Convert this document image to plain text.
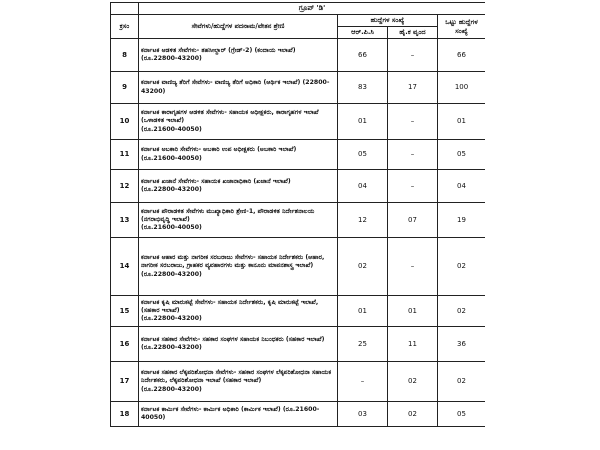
	ಗ್ರೂಪ್ 'ಡಿ'			
ಕ್ರಸಂ	ಸೇವೆಗಳು/ಹುದ್ದೆಗಳ ಪದನಾಮ/ವೇತನ ಶ್ರೇಣಿ	ಹುದ್ದೆಗಳ ಸಂಖ್ಯೆ		ಒಟ್ಟು ಹುದ್ದೆಗಳ ಸಂಖ್ಯೆ
		ಆರ್.ಪಿ.ಸಿ	ಹೈ.ಕ ವೃಂದ	
8	ಕರ್ನಾಟಕ ಆಡಳಿತ ಸೇವೆಗಳು- ತಹಸೀಲ್ದಾರ್ (ಗ್ರೇಡ್-2) (ಕಂದಾಯ ಇಲಾಖೆ)
(ರೂ.22800-43200)	66	–	66
9	ಕರ್ನಾಟಕ ವಾಣಿಜ್ಯ ತೆರಿಗೆ ಸೇವೆಗಳು- ವಾಣಿಜ್ಯ ತೆರಿಗೆ ಅಧಿಕಾರಿ (ಆರ್ಥಿಕ ಇಲಾಖೆ) (22800-43200)	83	17	100
10	ಕರ್ನಾಟಕ ಕಾರಾಗೃಹಗಳ ಆಡಳಿತ ಸೇವೆಗಳು- ಸಹಾಯಕ ಅಧೀಕ್ಷಕರು, ಕಾರಾಗೃಹಗಳ ಇಲಾಖೆ (ಒಳಾಡಳಿತ ಇಲಾಖೆ)
(ರೂ.21600-40050)	01	–	01
11	ಕರ್ನಾಟಕ ಅಬಕಾರಿ ಸೇವೆಗಳು- ಅಬಕಾರಿ ಉಪ ಅಧೀಕ್ಷಕರು (ಅಬಕಾರಿ ಇಲಾಖೆ)
(ರೂ.21600-40050)	05	–	05
12	ಕರ್ನಾಟಕ ಖಜಾನೆ ಸೇವೆಗಳು- ಸಹಾಯಕ ಖಜಾನಾಧಿಕಾರಿ (ಖಜಾನೆ ಇಲಾಖೆ)
(ರೂ.22800-43200)	04	–	04
13	ಕರ್ನಾಟಕ ಪೌರಾಡಳಿತ ಸೇವೆಗಳು ಮುಖ್ಯಾಧಿಕಾರಿ ಶ್ರೇಣಿ-1, ಪೌರಾಡಳಿತ ನಿರ್ದೇಶನಾಲಯ (ನಗರಾಭಿವೃದ್ಧಿ ಇಲಾಖೆ)
(ರೂ.21600-40050)	12	07	19
14	ಕರ್ನಾಟಕ ಆಹಾರ ಮತ್ತು ನಾಗರೀಕ ಸರಬರಾಜು ಸೇವೆಗಳು- ಸಹಾಯಕ ನಿರ್ದೇಶಕರು (ಆಹಾರ, ನಾಗರೀಕ ಸರಬರಾಜು, ಗ್ರಾಹಕರ ವ್ಯವಹಾರಗಳು ಮತ್ತು ಕಾನೂನು ಮಾಪನಶಾಸ್ತ್ರ ಇಲಾಖೆ)
(ರೂ.22800-43200)	02	–	02
15	ಕರ್ನಾಟಕ ಕೃಷಿ ಮಾರುಕಟ್ಟೆ ಸೇವೆಗಳು- ಸಹಾಯಕ ನಿರ್ದೇಶಕರು, ಕೃಷಿ ಮಾರುಕಟ್ಟೆ ಇಲಾಖೆ, (ಸಹಕಾರ ಇಲಾಖೆ)
(ರೂ.22800-43200)	01	01	02
16	ಕರ್ನಾಟಕ ಸಹಕಾರ ಸೇವೆಗಳು- ಸಹಕಾರ ಸಂಘಗಳ ಸಹಾಯಕ ನಿಬಂಧಕರು (ಸಹಕಾರ ಇಲಾಖೆ)
(ರೂ.22800-43200)	25	11	36
17	ಕರ್ನಾಟಕ ಸಹಕಾರ ಲೆಕ್ಕಪರಿಶೋಧನಾ ಸೇವೆಗಳು- ಸಹಕಾರ ಸಂಘಗಳ ಲೆಕ್ಕಪರಿಶೋಧನಾ ಸಹಾಯಕ ನಿರ್ದೇಶಕರು, ಲೆಕ್ಕಪರಿಶೋಧನಾ ಇಲಾಖೆ (ಸಹಕಾರ ಇಲಾಖೆ)
(ರೂ.22800-43200)	–	02	02
18	ಕರ್ನಾಟಕ ಕಾರ್ಮಿಕ ಸೇವೆಗಳು- ಕಾರ್ಮಿಕ ಅಧಿಕಾರಿ (ಕಾರ್ಮಿಕ ಇಲಾಖೆ) (ರೂ.21600-40050)	03	02	05
